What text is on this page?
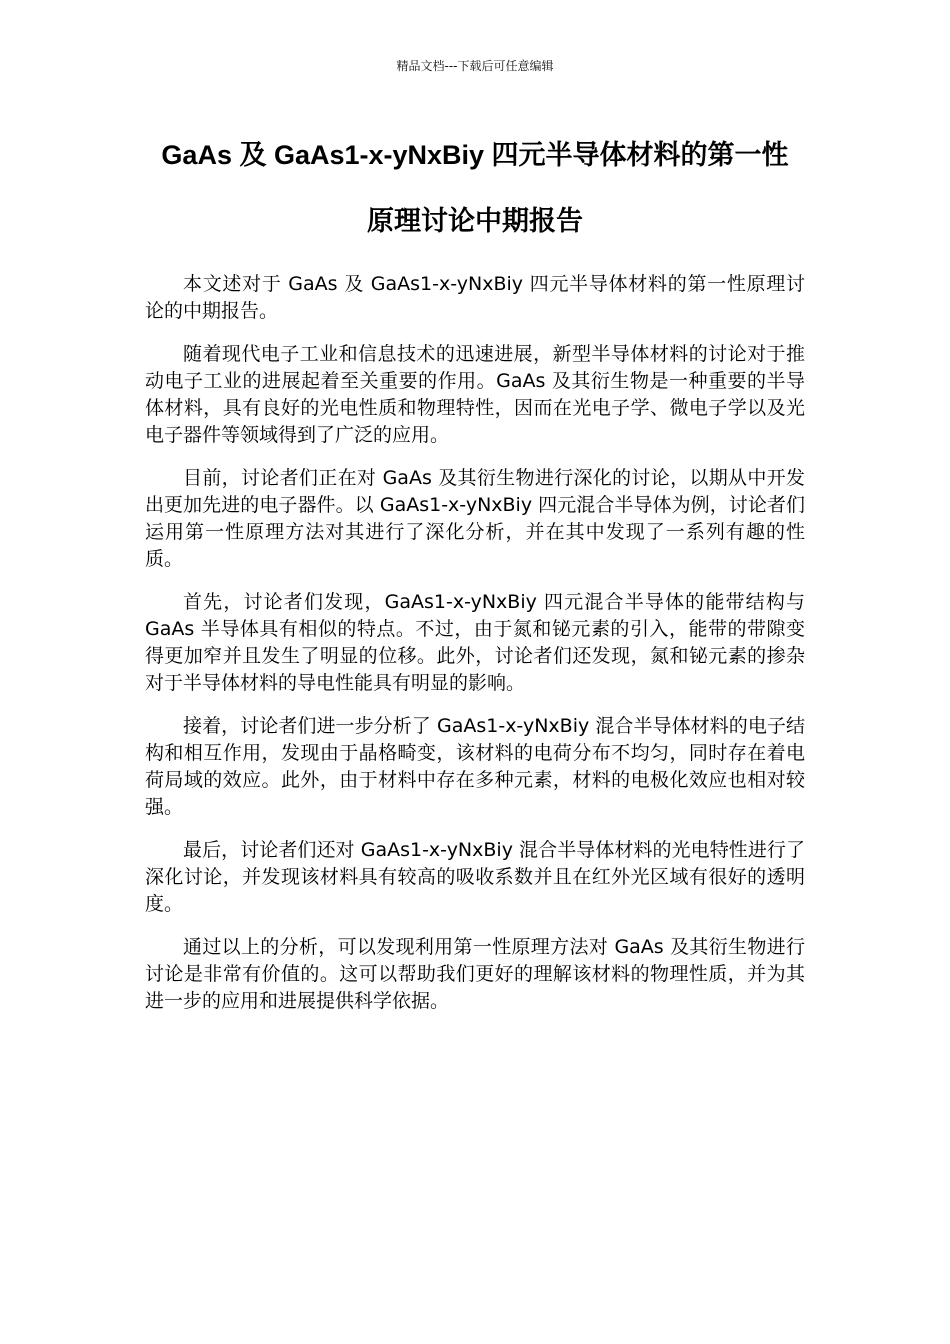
精品文档---下载后可任意编辑
GaAs 及 GaAs1-x-yNxBiy 四元半导体材料的第一性
原理讨论中期报告

本文述对于 GaAs 及 GaAs1-x-yNxBiy 四元半导体材料的第一性原理讨论的中期报告。

随着现代电子工业和信息技术的迅速进展，新型半导体材料的讨论对于推动电子工业的进展起着至关重要的作用。GaAs 及其衍生物是一种重要的半导体材料，具有良好的光电性质和物理特性，因而在光电子学、微电子学以及光电子器件等领域得到了广泛的应用。

目前，讨论者们正在对 GaAs 及其衍生物进行深化的讨论，以期从中开发出更加先进的电子器件。以 GaAs1-x-yNxBiy 四元混合半导体为例，讨论者们运用第一性原理方法对其进行了深化分析，并在其中发现了一系列有趣的性质。

首先，讨论者们发现，GaAs1-x-yNxBiy 四元混合半导体的能带结构与 GaAs 半导体具有相似的特点。不过，由于氮和铋元素的引入，能带的带隙变得更加窄并且发生了明显的位移。此外，讨论者们还发现，氮和铋元素的掺杂对于半导体材料的导电性能具有明显的影响。

接着，讨论者们进一步分析了 GaAs1-x-yNxBiy 混合半导体材料的电子结构和相互作用，发现由于晶格畸变，该材料的电荷分布不均匀，同时存在着电荷局域的效应。此外，由于材料中存在多种元素，材料的电极化效应也相对较强。

最后，讨论者们还对 GaAs1-x-yNxBiy 混合半导体材料的光电特性进行了深化讨论，并发现该材料具有较高的吸收系数并且在红外光区域有很好的透明度。

通过以上的分析，可以发现利用第一性原理方法对 GaAs 及其衍生物进行讨论是非常有价值的。这可以帮助我们更好的理解该材料的物理性质，并为其进一步的应用和进展提供科学依据。
